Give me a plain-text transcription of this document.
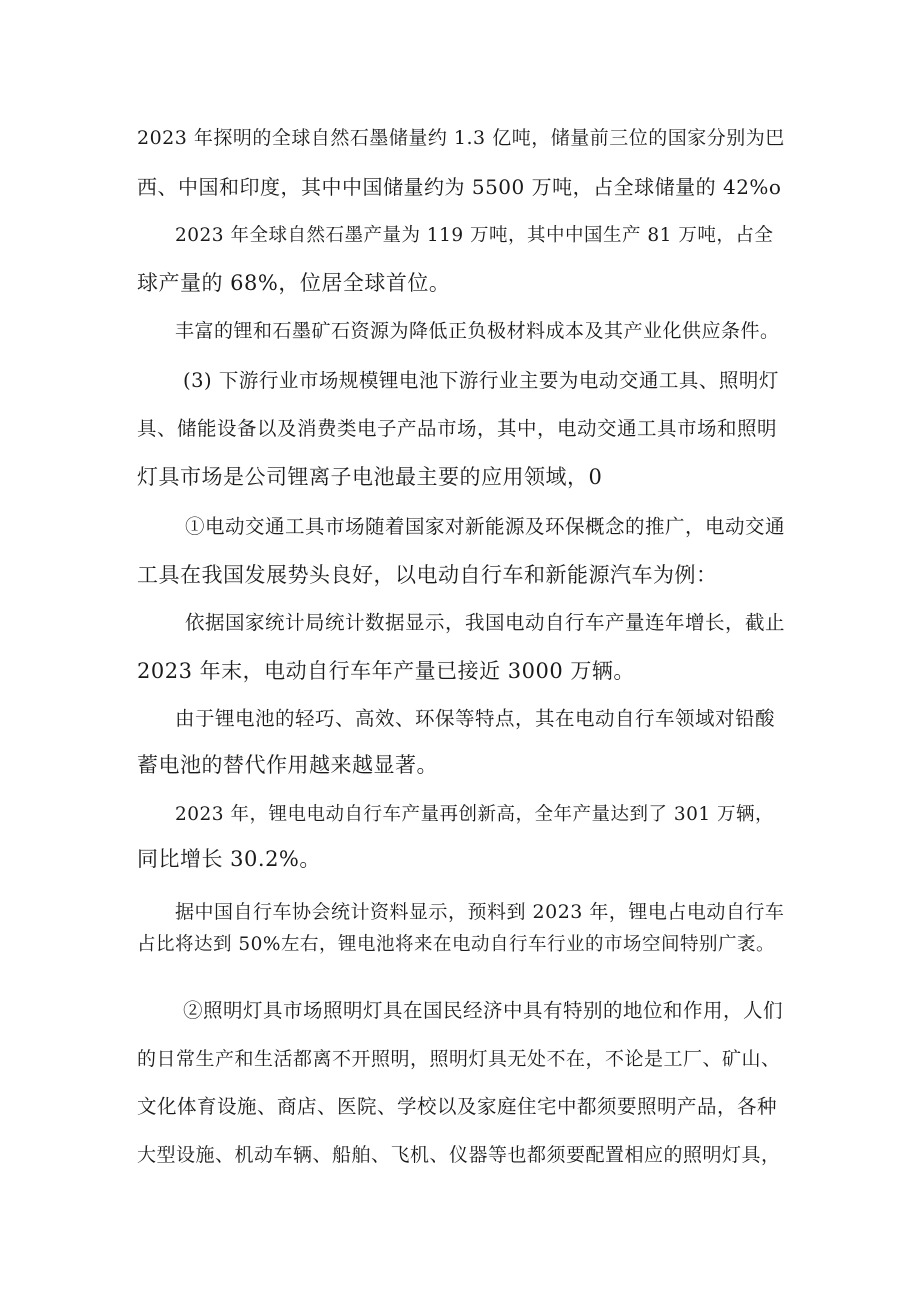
2023 年探明的全球自然石墨储量约 1.3 亿吨，储量前三位的国家分别为巴
西、中国和印度，其中中国储量约为 5500 万吨，占全球储量的 42%o
2023 年全球自然石墨产量为 119 万吨，其中中国生产 81 万吨，占全
球产量的 68%，位居全球首位。
丰富的锂和石墨矿石资源为降低正负极材料成本及其产业化供应条件。
(3) 下游行业市场规模锂电池下游行业主要为电动交通工具、照明灯
具、储能设备以及消费类电子产品市场，其中，电动交通工具市场和照明
灯具市场是公司锂离子电池最主要的应用领域，0
①电动交通工具市场随着国家对新能源及环保概念的推广，电动交通
工具在我国发展势头良好，以电动自行车和新能源汽车为例：
依据国家统计局统计数据显示，我国电动自行车产量连年增长，截止
2023 年末，电动自行车年产量已接近 3000 万辆。
由于锂电池的轻巧、高效、环保等特点，其在电动自行车领域对铅酸
蓄电池的替代作用越来越显著。
2023 年，锂电电动自行车产量再创新高，全年产量达到了 301 万辆，
同比增长 30.2%。
据中国自行车协会统计资料显示，预料到 2023 年，锂电占电动自行车
占比将达到 50%左右，锂电池将来在电动自行车行业的市场空间特别广袤。
②照明灯具市场照明灯具在国民经济中具有特别的地位和作用，人们
的日常生产和生活都离不开照明，照明灯具无处不在，不论是工厂、矿山、
文化体育设施、商店、医院、学校以及家庭住宅中都须要照明产品，各种
大型设施、机动车辆、船舶、飞机、仪器等也都须要配置相应的照明灯具，
